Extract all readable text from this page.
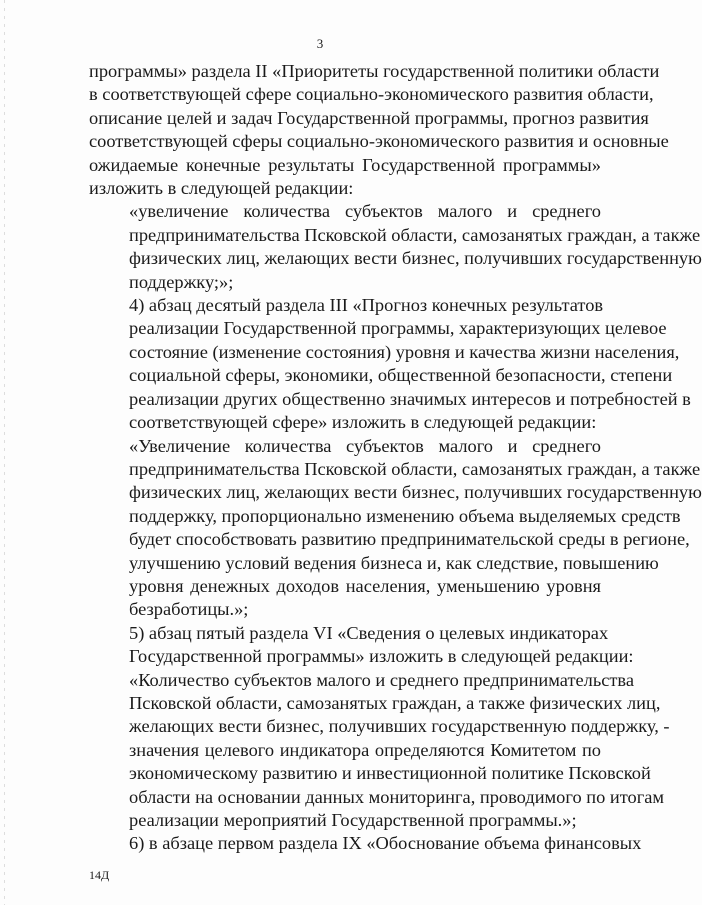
3

программы» раздела II «Приоритеты государственной политики области
в соответствующей сфере социально-экономического развития области,
описание целей и задач Государственной программы, прогноз развития
соответствующей сферы социально-экономического развития и основные
ожидаемые конечные результаты Государственной программы»
изложить в следующей редакции:

«увеличение количества субъектов малого и среднего
предпринимательства Псковской области, самозанятых граждан, а также
физических лиц, желающих вести бизнес, получивших государственную
поддержку;»;

4) абзац десятый раздела III «Прогноз конечных результатов
реализации Государственной программы, характеризующих целевое
состояние (изменение состояния) уровня и качества жизни населения,
социальной сферы, экономики, общественной безопасности, степени
реализации других общественно значимых интересов и потребностей в
соответствующей сфере» изложить в следующей редакции:

«Увеличение количества субъектов малого и среднего
предпринимательства Псковской области, самозанятых граждан, а также
физических лиц, желающих вести бизнес, получивших государственную
поддержку, пропорционально изменению объема выделяемых средств
будет способствовать развитию предпринимательской среды в регионе,
улучшению условий ведения бизнеса и, как следствие, повышению
уровня денежных доходов населения, уменьшению уровня
безработицы.»;

5) абзац пятый раздела VI «Сведения о целевых индикаторах
Государственной программы» изложить в следующей редакции:

«Количество субъектов малого и среднего предпринимательства
Псковской области, самозанятых граждан, а также физических лиц,
желающих вести бизнес, получивших государственную поддержку, -
значения целевого индикатора определяются Комитетом по
экономическому развитию и инвестиционной политике Псковской
области на основании данных мониторинга, проводимого по итогам
реализации мероприятий Государственной программы.»;

6) в абзаце первом раздела IX «Обоснование объема финансовых

14Д
